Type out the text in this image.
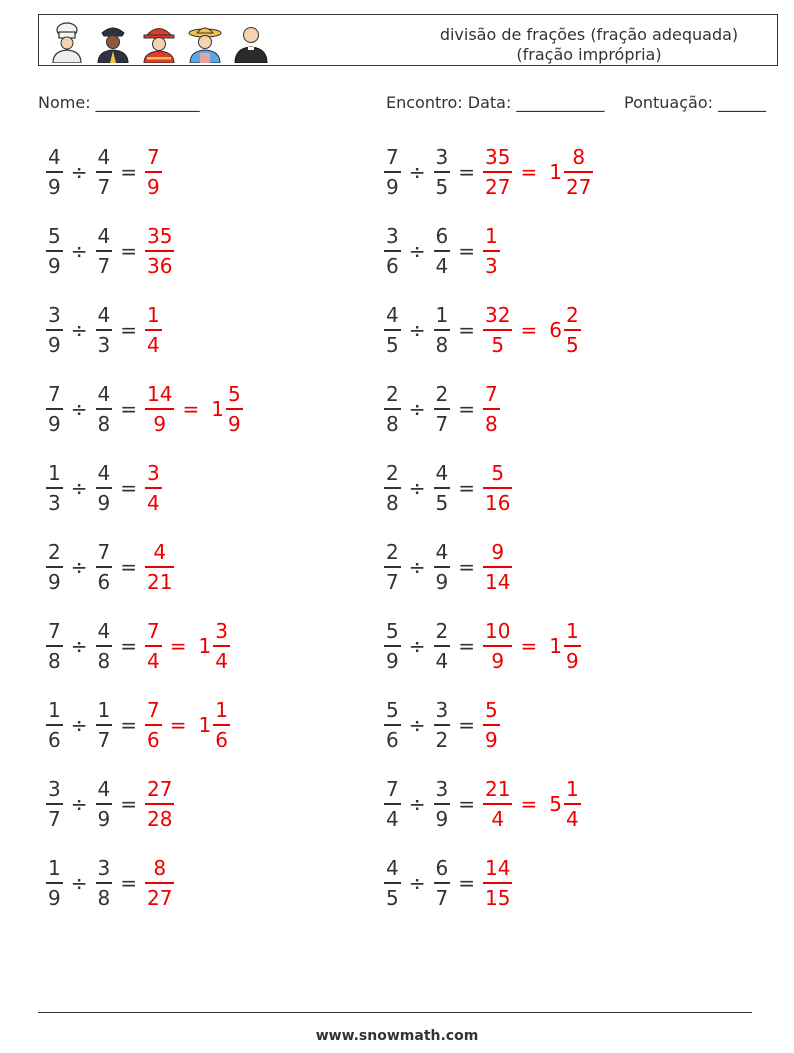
divisão de frações (fração adequada)
(fração imprópria)
Nome: _____________	Encontro: Data: ___________ Pontuação: ______
$\frac{4}{9} \div \frac{4}{7} = \frac{7}{9}$
$\frac{5}{9} \div \frac{4}{7} = \frac{35}{36}$
$\frac{3}{9} \div \frac{4}{3} = \frac{1}{4}$
$\frac{7}{9} \div \frac{4}{8} = \frac{14}{9} = 1 \frac{5}{9}$
$\frac{1}{3} \div \frac{4}{9} = \frac{3}{4}$
$\frac{2}{9} \div \frac{7}{6} = \frac{4}{21}$
$\frac{7}{8} \div \frac{4}{8} = \frac{7}{4} = 1 \frac{3}{4}$
$\frac{1}{6} \div \frac{1}{7} = \frac{7}{6} = 1 \frac{1}{6}$
$\frac{3}{7} \div \frac{4}{9} = \frac{27}{28}$
$\frac{1}{9} \div \frac{3}{8} = \frac{8}{27}$
$\frac{7}{9} \div \frac{3}{5} = \frac{35}{27} = 1 \frac{8}{27}$
$\frac{3}{6} \div \frac{6}{4} = \frac{1}{3}$
$\frac{4}{5} \div \frac{1}{8} = \frac{32}{5} = 6 \frac{2}{5}$
$\frac{2}{8} \div \frac{2}{7} = \frac{7}{8}$
$\frac{2}{8} \div \frac{4}{5} = \frac{5}{16}$
$\frac{2}{7} \div \frac{4}{9} = \frac{9}{14}$
$\frac{5}{9} \div \frac{2}{4} = \frac{10}{9} = 1 \frac{1}{9}$
$\frac{5}{6} \div \frac{3}{2} = \frac{5}{9}$
$\frac{7}{4} \div \frac{3}{9} = \frac{21}{4} = 5 \frac{1}{4}$
$\frac{4}{5} \div \frac{6}{7} = \frac{14}{15}$
www.snowmath.com
